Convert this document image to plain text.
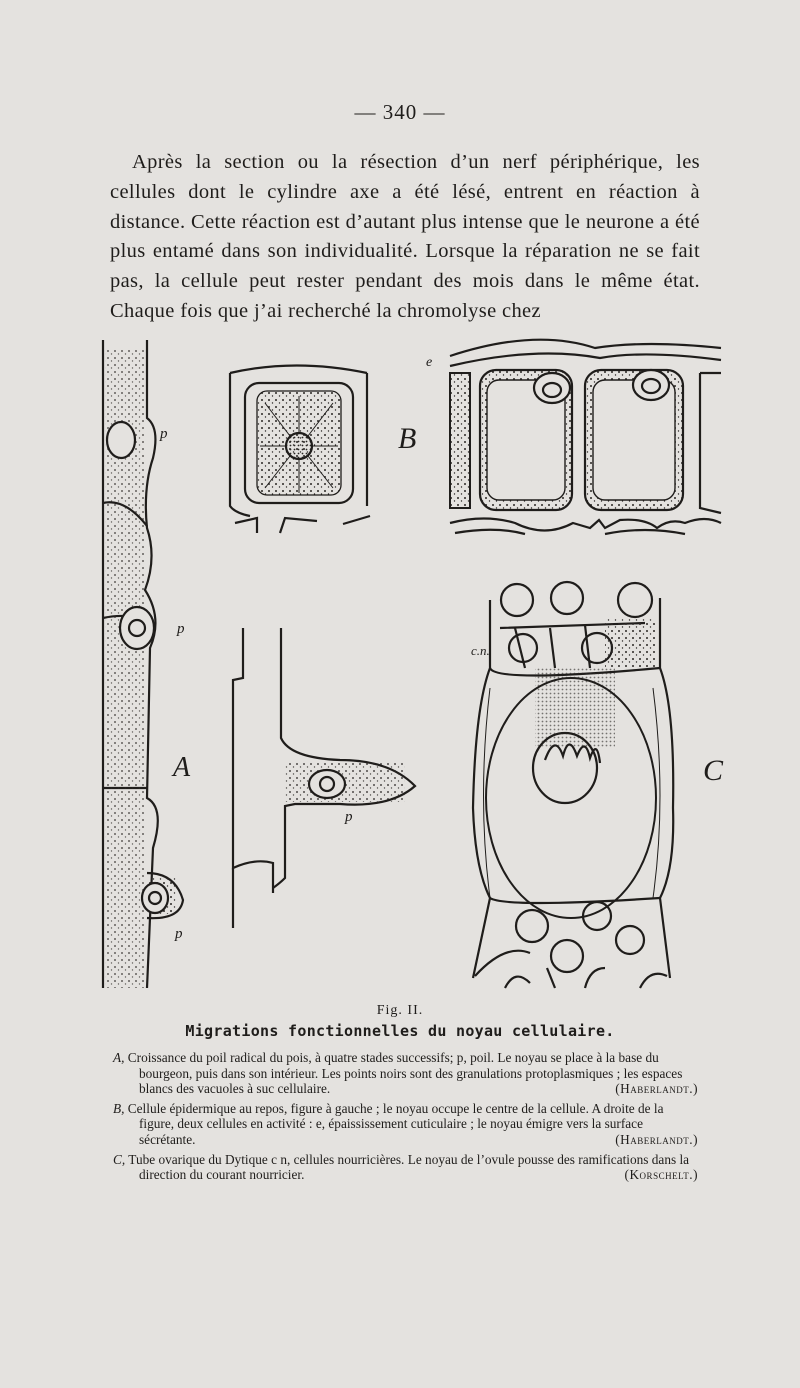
— 340 —

Après la section ou la résection d’un nerf périphérique, les cellules dont le cylindre axe a été lésé, entrent en réaction à distance. Cette réaction est d’autant plus intense que le neurone a été plus entamé dans son individualité. Lorsque la réparation ne se fait pas, la cellule peut rester pendant des mois dans le même état. Chaque fois que j’ai recherché la chromolyse chez

A
B
C
p
p
p
p
e
c.n.
Fig. II.
Migrations fonctionnelles du noyau cellulaire.

A, Croissance du poil radical du pois, à quatre stades successifs; p, poil. Le noyau se place à la base du bourgeon, puis dans son intérieur. Les points noirs sont des granulations protoplasmiques ; les espaces blancs des vacuoles à suc cellulaire.	(Haberlandt.)

B, Cellule épidermique au repos, figure à gauche ; le noyau occupe le centre de la cellule. A droite de la figure, deux cellules en activité : e, épaississement cuticulaire ; le noyau émigre vers la surface sécrétante.	(Haberlandt.)

C, Tube ovarique du Dytique c n, cellules nourricières. Le noyau de l’ovule pousse des ramifications dans la direction du courant nourricier.	(Korschelt.)
